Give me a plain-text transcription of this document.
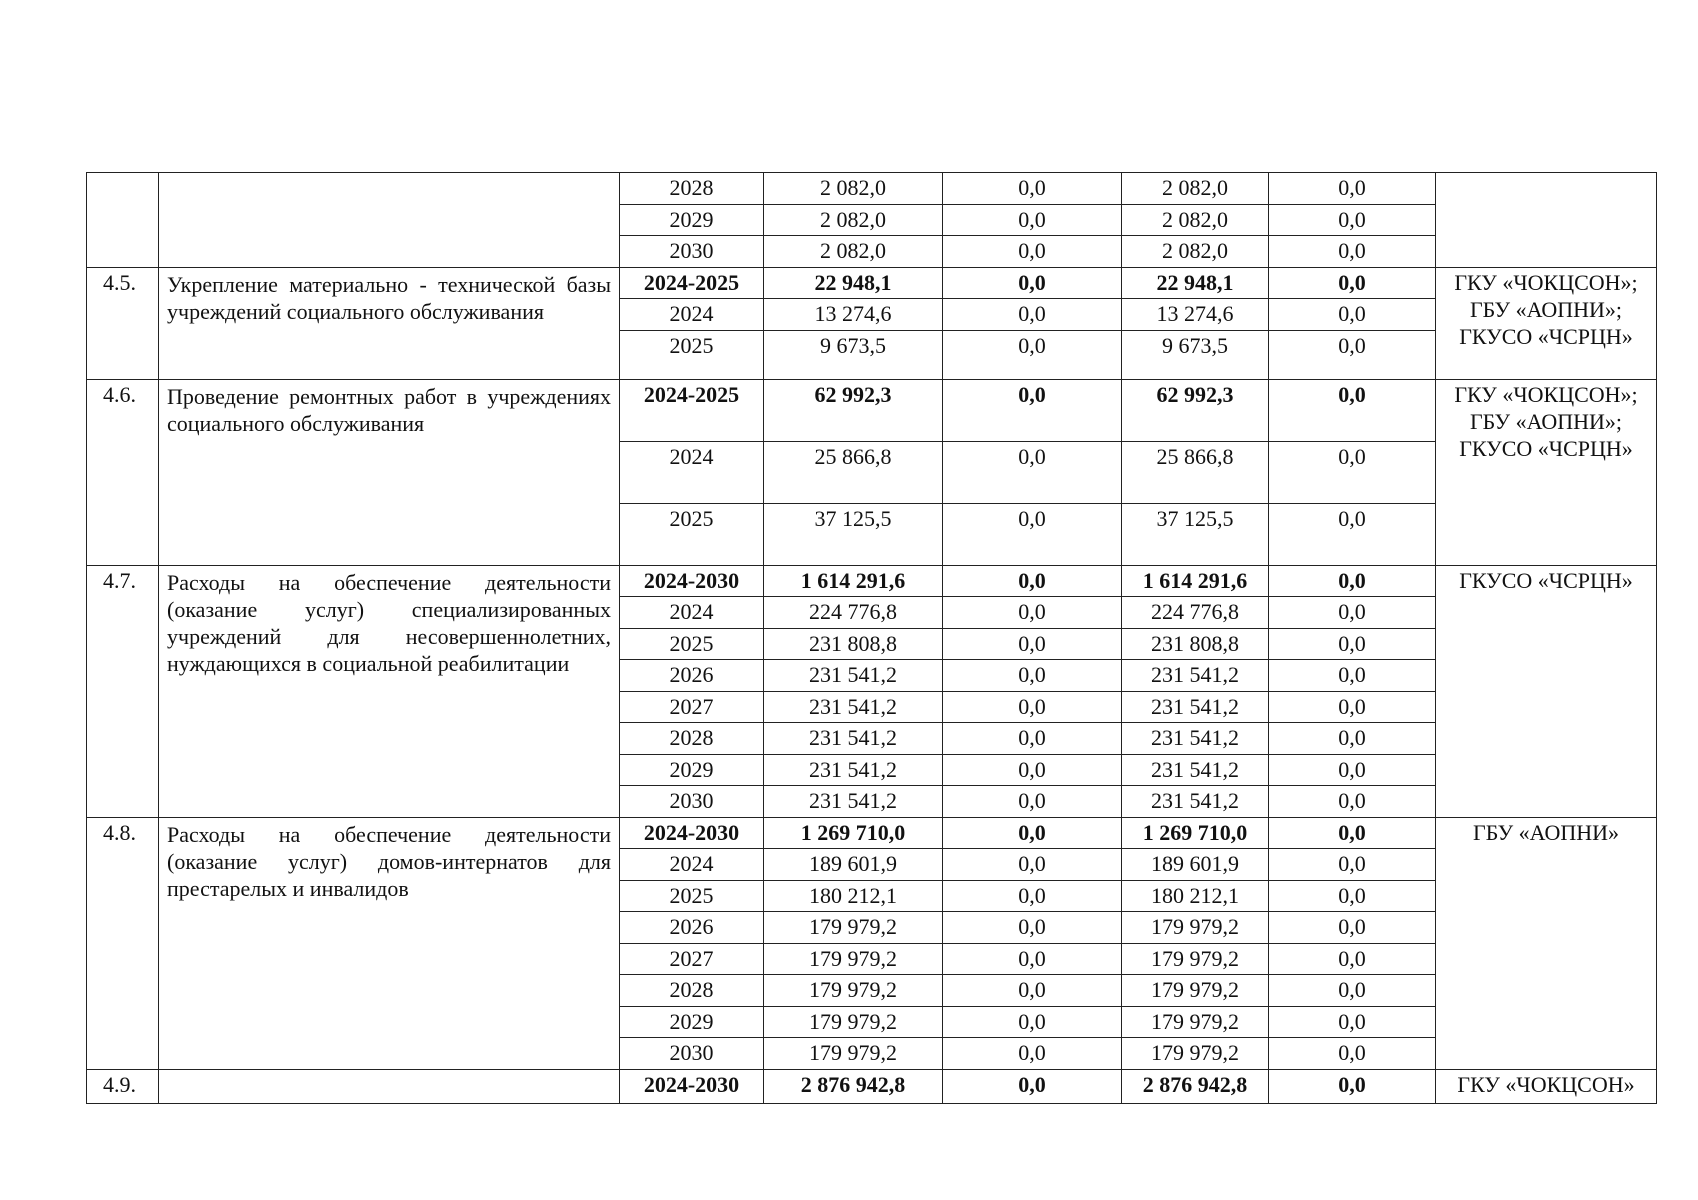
		2028	2 082,0	0,0	2 082,0	0,0	
		2029	2 082,0	0,0	2 082,0	0,0	
		2030	2 082,0	0,0	2 082,0	0,0	
4.5.	Укрепление материально - технической базы учреждений социального обслуживания	2024-2025	22 948,1	0,0	22 948,1	0,0	ГКУ «ЧОКЦСОН»; ГБУ «АОПНИ»; ГКУСО «ЧСРЦН»
		2024	13 274,6	0,0	13 274,6	0,0	
		2025	9 673,5	0,0	9 673,5	0,0	
4.6.	Проведение ремонтных работ в учреждениях социального обслуживания	2024-2025	62 992,3	0,0	62 992,3	0,0	ГКУ «ЧОКЦСОН»; ГБУ «АОПНИ»; ГКУСО «ЧСРЦН»
		2024	25 866,8	0,0	25 866,8	0,0	
		2025	37 125,5	0,0	37 125,5	0,0	
4.7.	Расходы на обеспечение деятельности (оказание услуг) специализированных учреждений для несовершеннолетних, нуждающихся в социальной реабилитации	2024-2030	1 614 291,6	0,0	1 614 291,6	0,0	ГКУСО «ЧСРЦН»
		2024	224 776,8	0,0	224 776,8	0,0	
		2025	231 808,8	0,0	231 808,8	0,0	
		2026	231 541,2	0,0	231 541,2	0,0	
		2027	231 541,2	0,0	231 541,2	0,0	
		2028	231 541,2	0,0	231 541,2	0,0	
		2029	231 541,2	0,0	231 541,2	0,0	
		2030	231 541,2	0,0	231 541,2	0,0	
4.8.	Расходы на обеспечение деятельности (оказание услуг) домов-интернатов для престарелых и инвалидов	2024-2030	1 269 710,0	0,0	1 269 710,0	0,0	ГБУ «АОПНИ»
		2024	189 601,9	0,0	189 601,9	0,0	
		2025	180 212,1	0,0	180 212,1	0,0	
		2026	179 979,2	0,0	179 979,2	0,0	
		2027	179 979,2	0,0	179 979,2	0,0	
		2028	179 979,2	0,0	179 979,2	0,0	
		2029	179 979,2	0,0	179 979,2	0,0	
		2030	179 979,2	0,0	179 979,2	0,0	
4.9.		2024-2030	2 876 942,8	0,0	2 876 942,8	0,0	ГКУ «ЧОКЦСОН»
